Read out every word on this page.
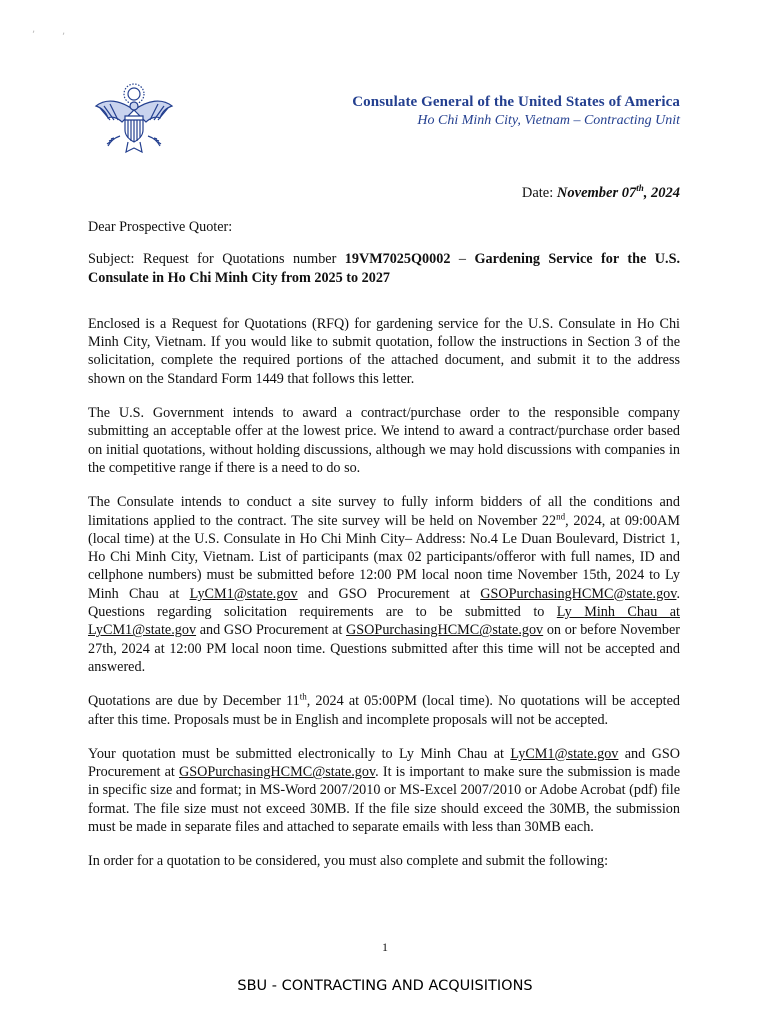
,	,
Consulate General of the United States of America
Ho Chi Minh City, Vietnam – Contracting Unit
Date: November 07th, 2024

Dear Prospective Quoter:

Subject: Request for Quotations number 19VM7025Q0002 – Gardening Service for the U.S. Consulate in Ho Chi Minh City from 2025 to 2027

Enclosed is a Request for Quotations (RFQ) for gardening service for the U.S. Consulate in Ho Chi Minh City, Vietnam. If you would like to submit quotation, follow the instructions in Section 3 of the solicitation, complete the required portions of the attached document, and submit it to the address shown on the Standard Form 1449 that follows this letter.

The U.S. Government intends to award a contract/purchase order to the responsible company submitting an acceptable offer at the lowest price. We intend to award a contract/purchase order based on initial quotations, without holding discussions, although we may hold discussions with companies in the competitive range if there is a need to do so.

The Consulate intends to conduct a site survey to fully inform bidders of all the conditions and limitations applied to the contract. The site survey will be held on November 22nd, 2024, at 09:00AM (local time) at the U.S. Consulate in Ho Chi Minh City– Address: No.4 Le Duan Boulevard, District 1, Ho Chi Minh City, Vietnam. List of participants (max 02 participants/offeror with full names, ID and cellphone numbers) must be submitted before 12:00 PM local noon time November 15th, 2024 to Ly Minh Chau at LyCM1@state.gov and GSO Procurement at GSOPurchasingHCMC@state.gov. Questions regarding solicitation requirements are to be submitted to Ly Minh Chau at LyCM1@state.gov and GSO Procurement at GSOPurchasingHCMC@state.gov on or before November 27th, 2024 at 12:00 PM local noon time. Questions submitted after this time will not be accepted and answered.

Quotations are due by December 11th, 2024 at 05:00PM (local time). No quotations will be accepted after this time. Proposals must be in English and incomplete proposals will not be accepted.

Your quotation must be submitted electronically to Ly Minh Chau at LyCM1@state.gov and GSO Procurement at GSOPurchasingHCMC@state.gov. It is important to make sure the submission is made in specific size and format; in MS-Word 2007/2010 or MS-Excel 2007/2010 or Adobe Acrobat (pdf) file format. The file size must not exceed 30MB. If the file size should exceed the 30MB, the submission must be made in separate files and attached to separate emails with less than 30MB each.

In order for a quotation to be considered, you must also complete and submit the following:

1
SBU - CONTRACTING AND ACQUISITIONS
